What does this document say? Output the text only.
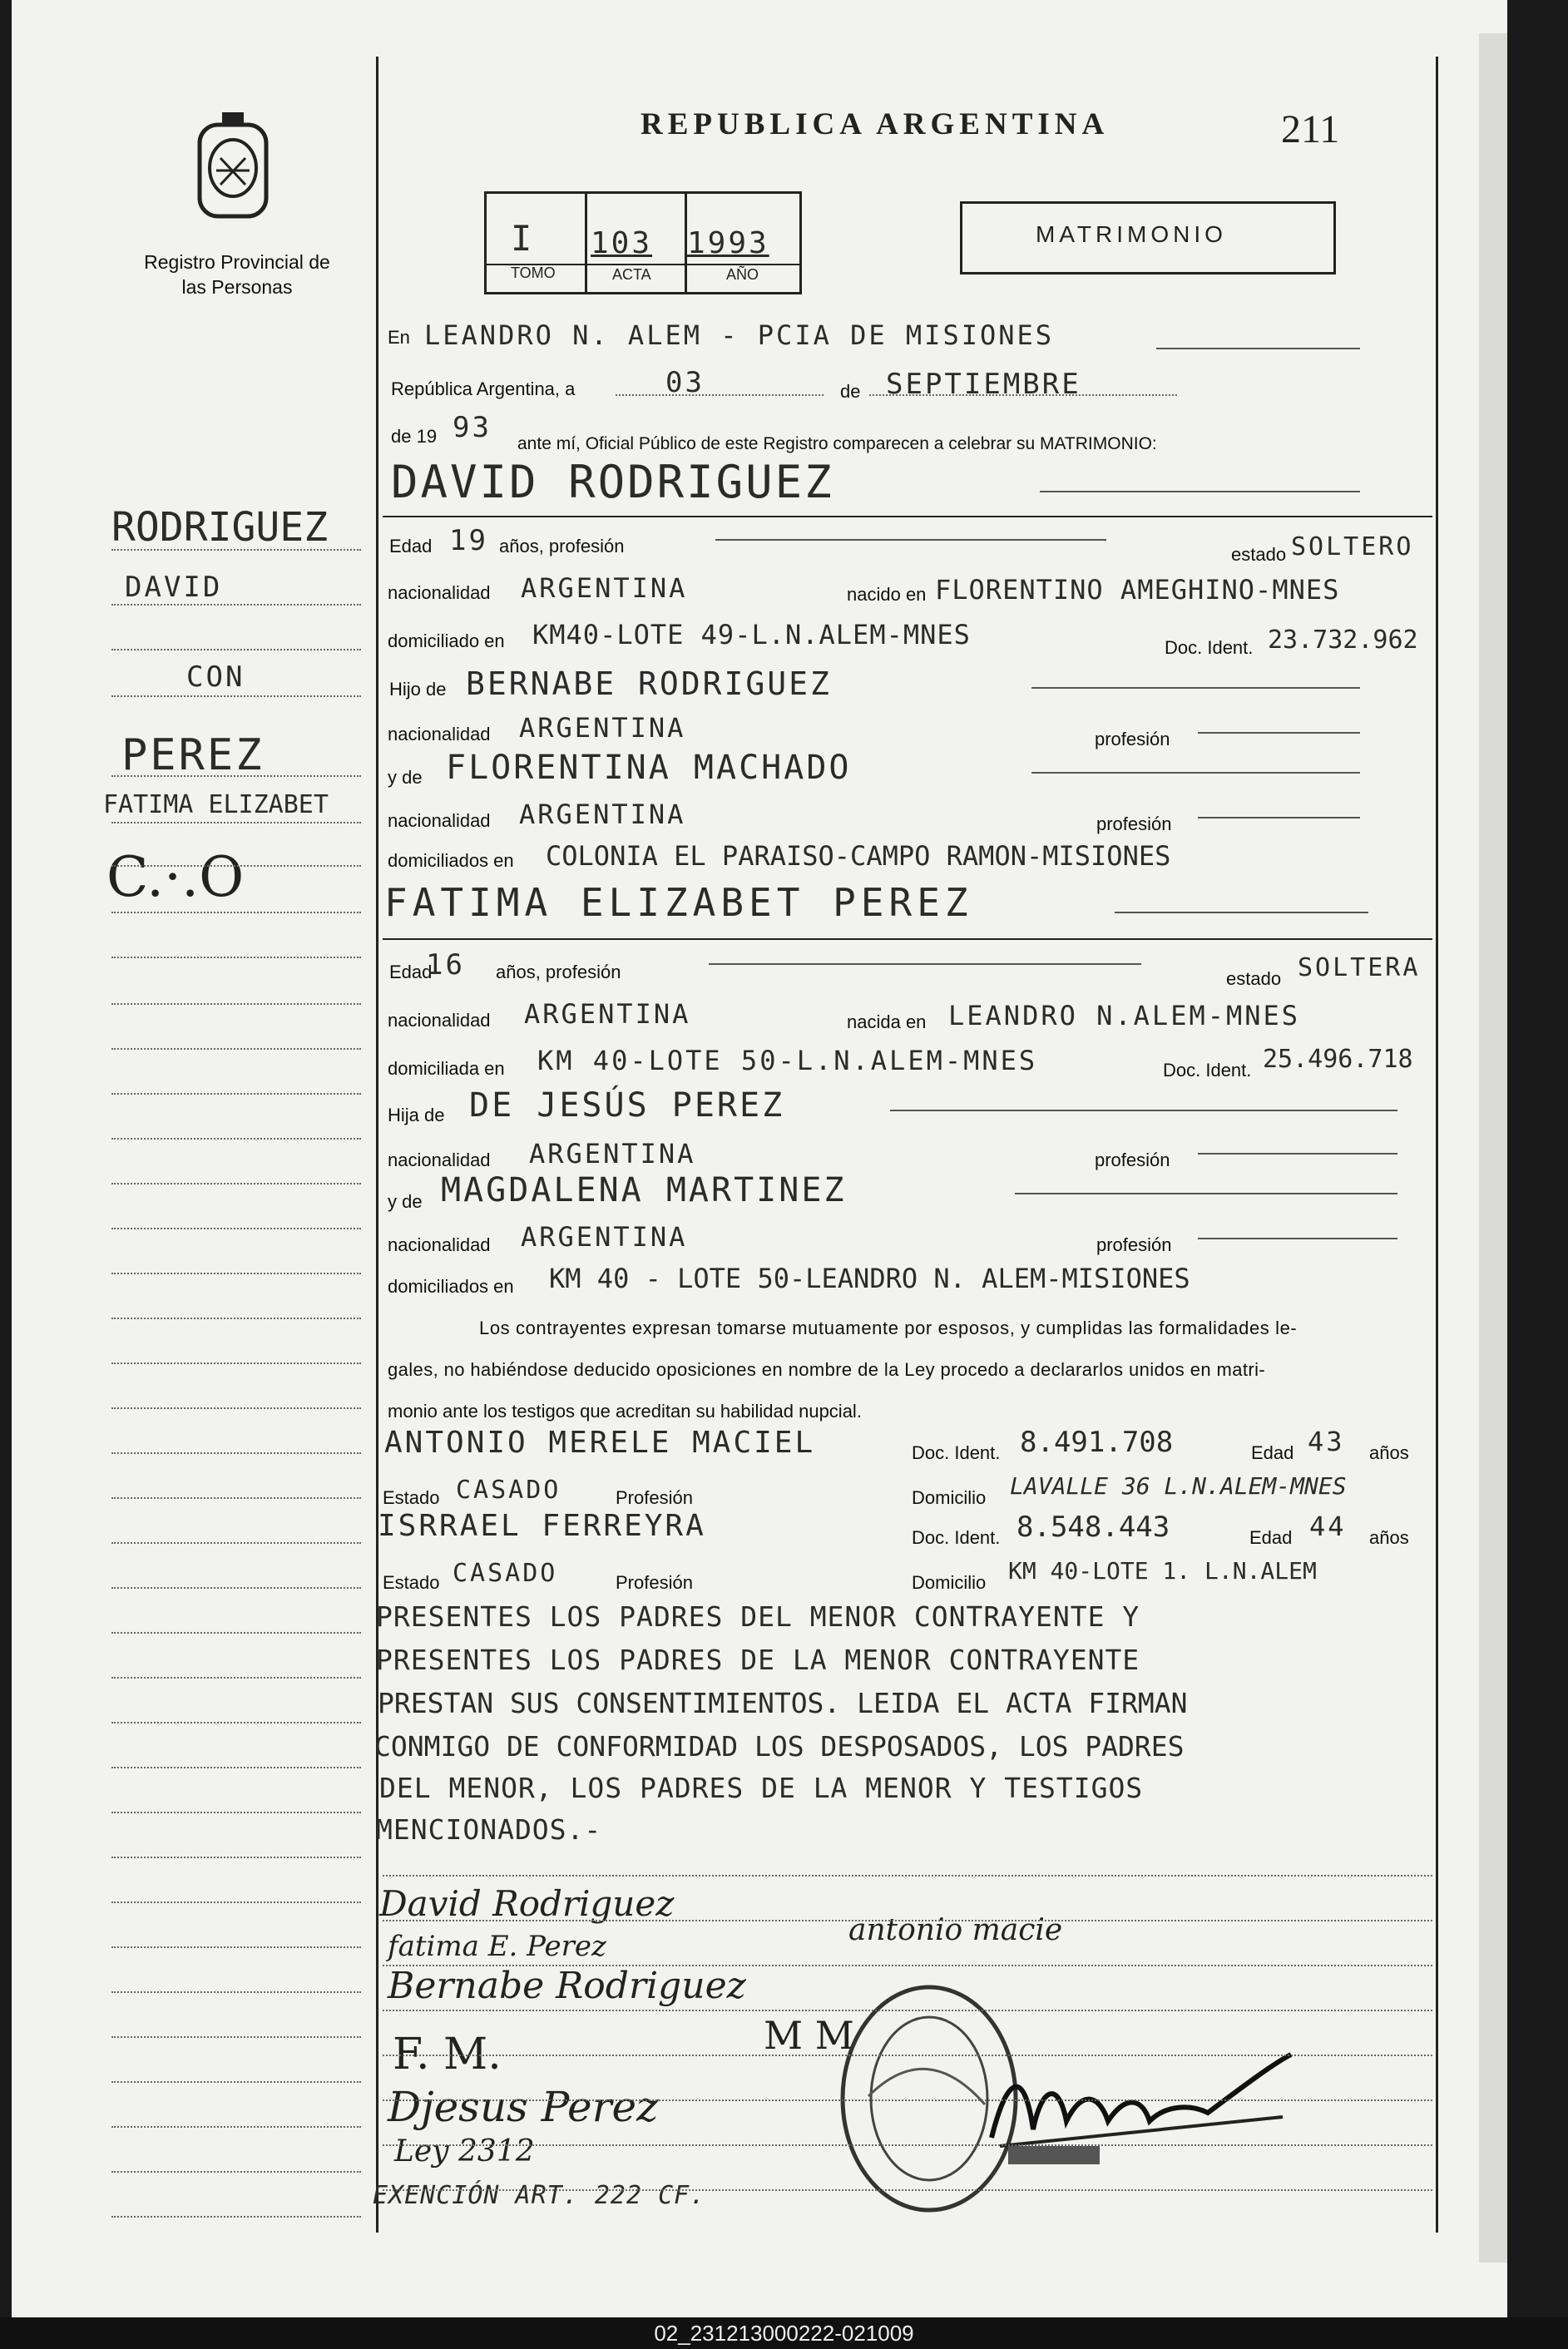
Registro Provincial de las Personas
REPUBLICA ARGENTINA	211
I 103 1993
TOMO	ACTA	AÑO
MATRIMONIO
En LEANDRO N. ALEM - PCIA DE MISIONES
República Argentina, a	03	de SEPTIEMBRE
de 19 93 ante mí, Oficial Público de este Registro comparecen a celebrar su MATRIMONIO:
DAVID RODRIGUEZ
Edad 19 años, profesión	estado SOLTERO
nacionalidad ARGENTINA	nacido en FLORENTINO AMEGHINO-MNES
domiciliado en KM40-LOTE 49-L.N.ALEM-MNES	Doc. Ident. 23.732.962
Hijo de BERNABE RODRIGUEZ
nacionalidad ARGENTINA	profesión
y de FLORENTINA MACHADO
nacionalidad ARGENTINA	profesión
domiciliados en COLONIA EL PARAISO-CAMPO RAMON-MISIONES
FATIMA ELIZABET PEREZ
Edad
16 años, profesión	estado SOLTERA
nacionalidad ARGENTINA	nacida en LEANDRO N.ALEM-MNES
domiciliada en KM 40-LOTE 50-L.N.ALEM-MNES	Doc. Ident. 25.496.718
Hija de DE JESÚS PEREZ
nacionalidad ARGENTINA	profesión
y de MAGDALENA MARTINEZ
nacionalidad ARGENTINA	profesión
domiciliados en KM 40 - LOTE 50-LEANDRO N. ALEM-MISIONES
Los contrayentes expresan tomarse mutuamente por esposos, y cumplidas las formalidades le-
gales, no habiéndose deducido oposiciones en nombre de la Ley procedo a declararlos unidos en matri-
monio ante los testigos que acreditan su habilidad nupcial.
ANTONIO MERELE MACIEL	Doc. Ident. 8.491.708	Edad 43 años
Estado CASADO	Profesión	Domicilio LAVALLE 36 L.N.ALEM-MNES
ISRRAEL FERREYRA	Doc. Ident. 8.548.443	Edad 44 años
Estado CASADO	Profesión	Domicilio KM 40-LOTE 1. L.N.ALEM
PRESENTES LOS PADRES DEL MENOR CONTRAYENTE Y
PRESENTES LOS PADRES DE LA MENOR CONTRAYENTE
PRESTAN SUS CONSENTIMIENTOS. LEIDA EL ACTA FIRMAN
CONMIGO DE CONFORMIDAD LOS DESPOSADOS, LOS PADRES
DEL MENOR, LOS PADRES DE LA MENOR Y TESTIGOS
MENCIONADOS.-
David Rodriguez
fatima E. Perez	antonio macie
Bernabe Rodriguez
F. M.	M M
Djesus Perez
Ley 2312
EXENCIÓN ART. 222 CF.
02_231213000222-021009
RODRIGUEZ
DAVID
CON
PEREZ
FATIMA ELIZABET
C.·.O
